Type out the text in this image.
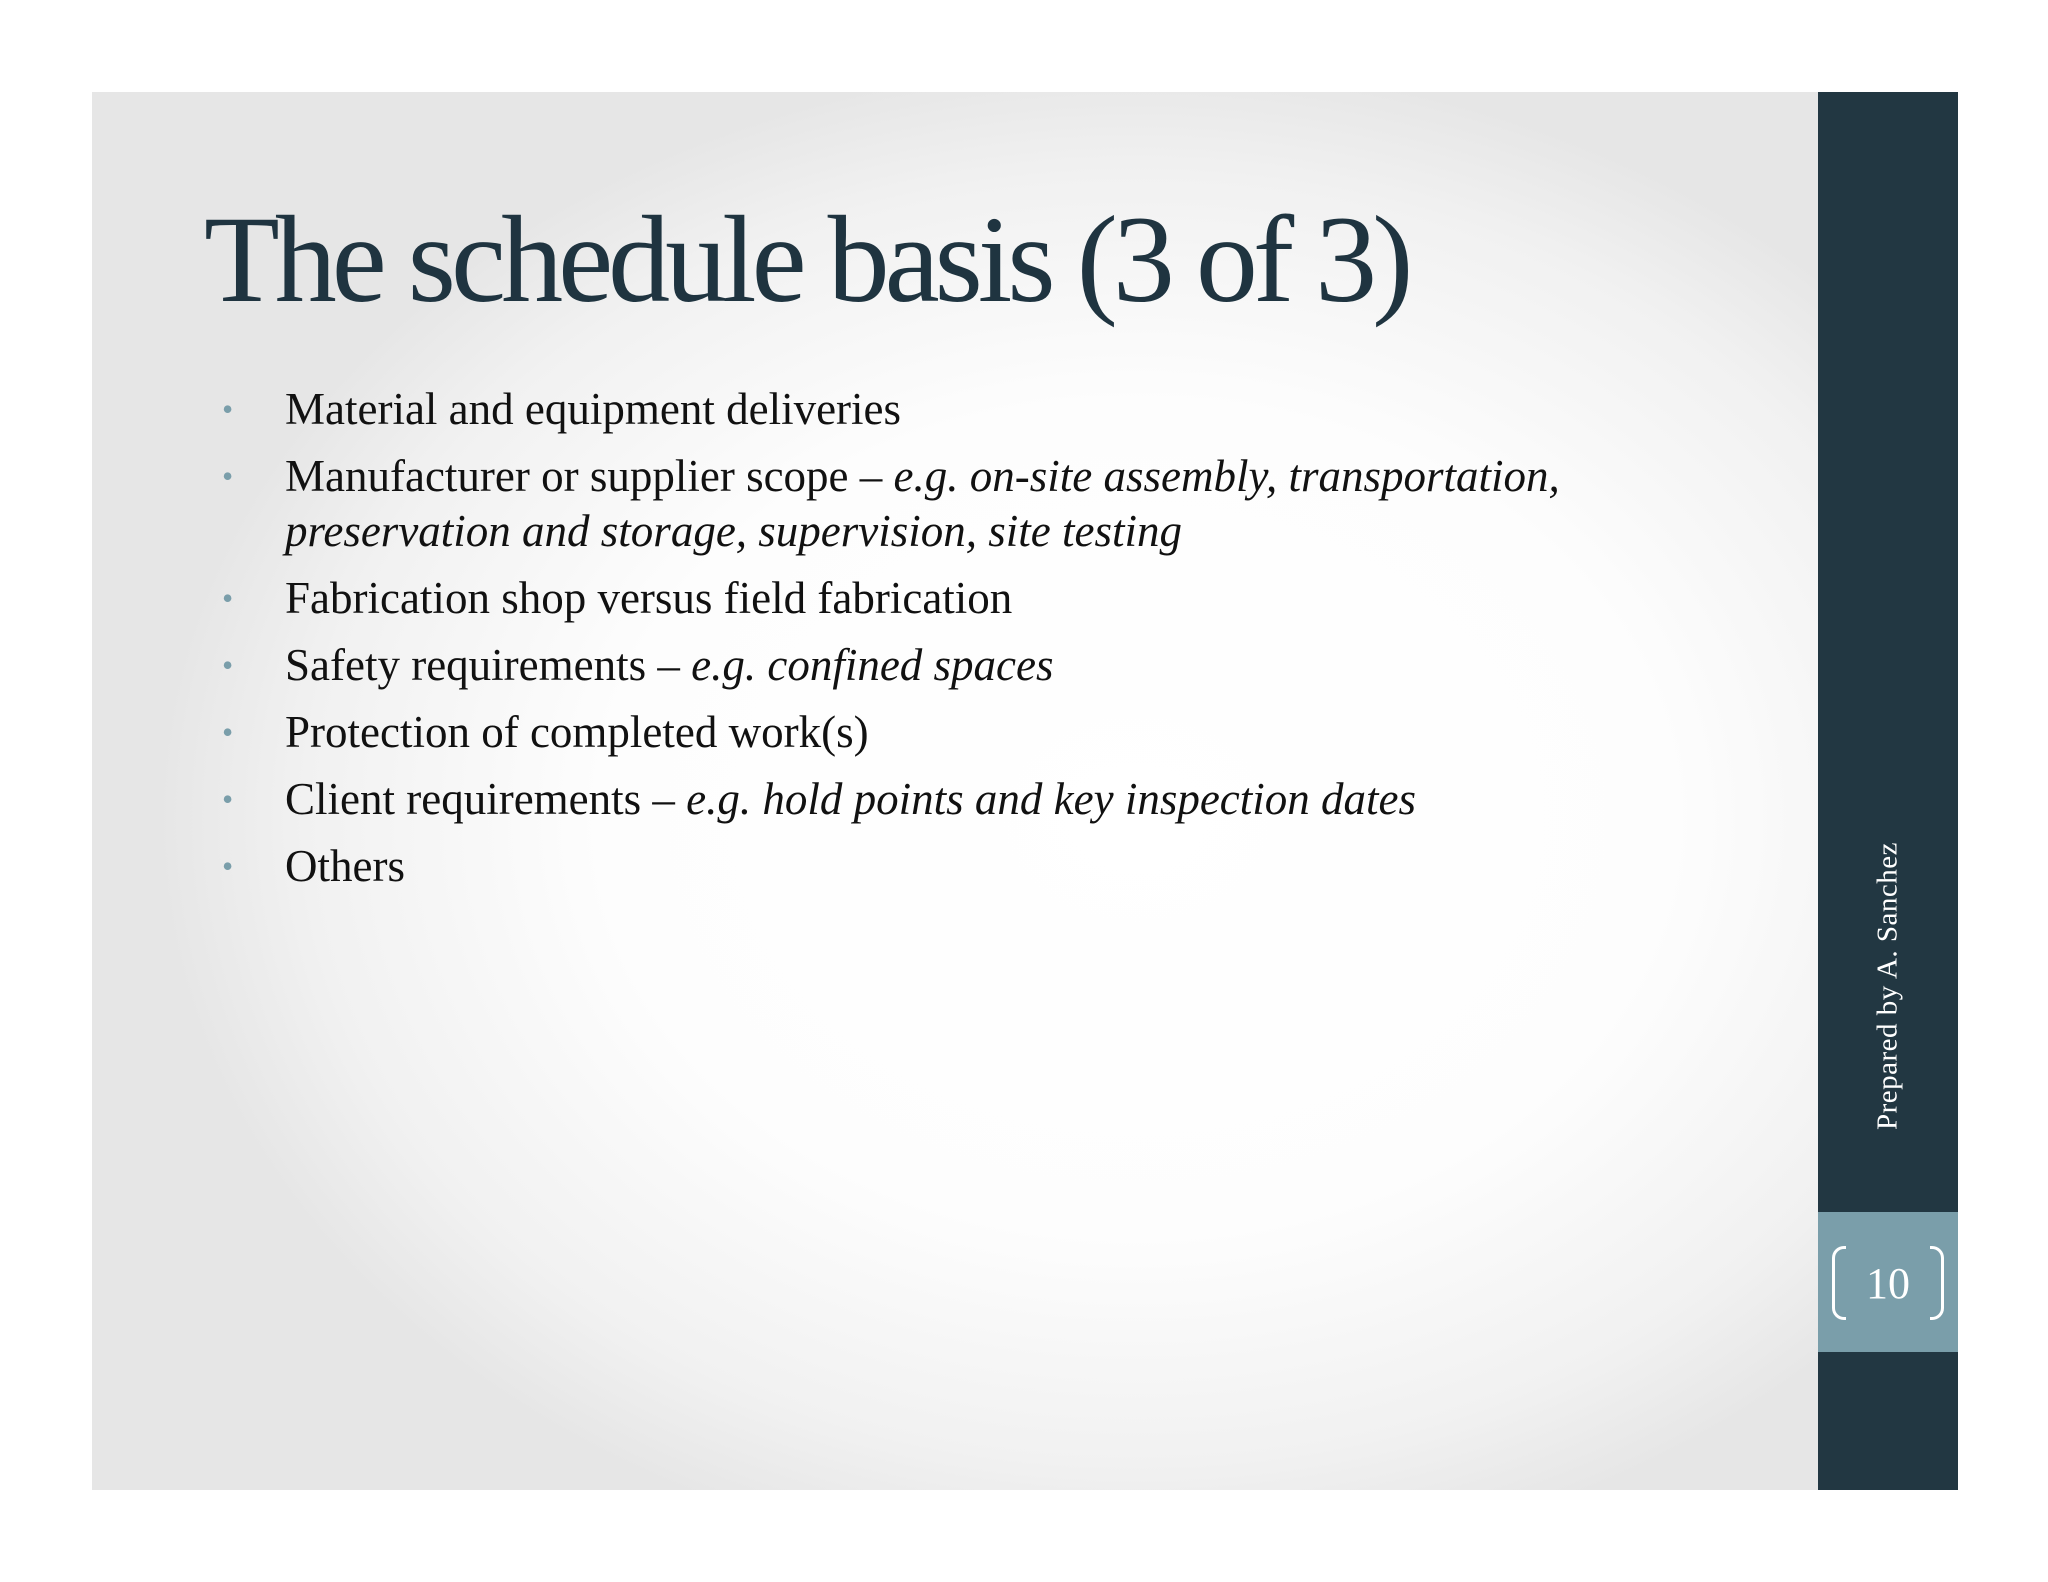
The schedule basis (3 of 3)
•	Material and equipment deliveries
•	Manufacturer or supplier scope – e.g. on-site assembly, transportation, preservation and storage, supervision, site testing
•	Fabrication shop versus field fabrication
•	Safety requirements – e.g. confined spaces
•	Protection of completed work(s)
•	Client requirements – e.g. hold points and key inspection dates
•	Others	Prepared by A. Sanchez
10
